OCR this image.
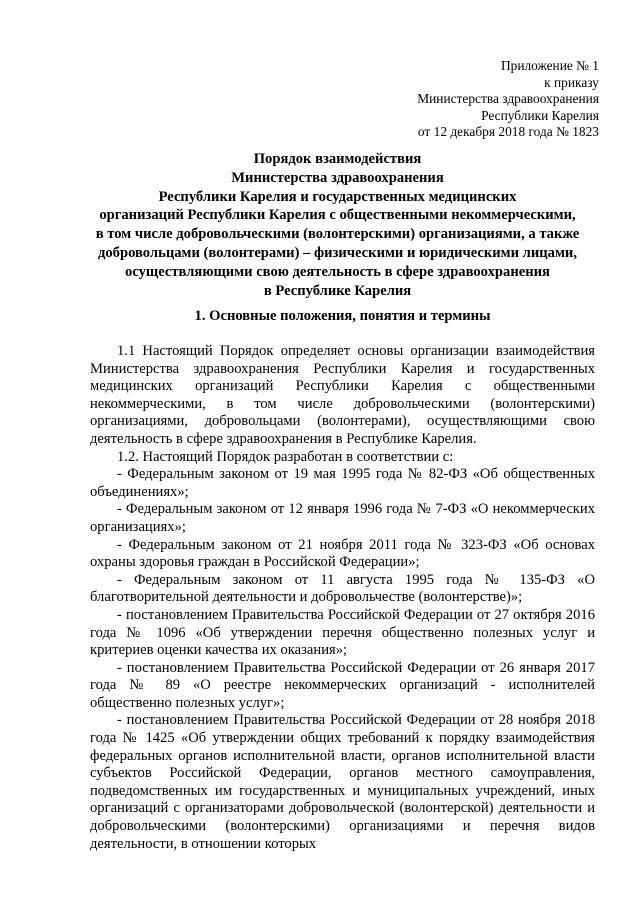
Приложение № 1
к приказу
Министерства здравоохранения
Республики Карелия
от 12 декабря 2018 года № 1823
Порядок взаимодействия
Министерства здравоохранения
Республики Карелия и государственных медицинских
организаций Республики Карелия с общественными некоммерческими,
в том числе добровольческими (волонтерскими) организациями, а также
добровольцами (волонтерами) – физическими и юридическими лицами,
осуществляющими свою деятельность в сфере здравоохранения
в Республике Карелия
1. Основные положения, понятия и термины

1.1 Настоящий Порядок определяет основы организации взаимодействия Министерства здравоохранения Республики Карелия и государственных медицинских организаций Республики Карелия с общественными некоммерческими, в том числе добровольческими (волонтерскими) организациями, добровольцами (волонтерами), осуществляющими свою деятельность в сфере здравоохранения в Республике Карелия.

1.2. Настоящий Порядок разработан в соответствии с:

- Федеральным законом от 19 мая 1995 года № 82-ФЗ «Об общественных объединениях»;

- Федеральным законом от 12 января 1996 года № 7-ФЗ «О некоммерческих организациях»;

- Федеральным законом от 21 ноября 2011 года № 323-ФЗ «Об основах охраны здоровья граждан в Российской Федерации»;

- Федеральным законом от 11 августа 1995 года № 135-ФЗ «О благотворительной деятельности и добровольчестве (волонтерстве)»;

- постановлением Правительства Российской Федерации от 27 октября 2016 года № 1096 «Об утверждении перечня общественно полезных услуг и критериев оценки качества их оказания»;

- постановлением Правительства Российской Федерации от 26 января 2017 года № 89 «О реестре некоммерческих организаций - исполнителей общественно полезных услуг»;

- постановлением Правительства Российской Федерации от 28 ноября 2018 года № 1425 «Об утверждении общих требований к порядку взаимодействия федеральных органов исполнительной власти, органов исполнительной власти субъектов Российской Федерации, органов местного самоуправления, подведомственных им государственных и муниципальных учреждений, иных организаций с организаторами добровольческой (волонтерской) деятельности и добровольческими (волонтерскими) организациями и перечня видов деятельности, в отношении которых
